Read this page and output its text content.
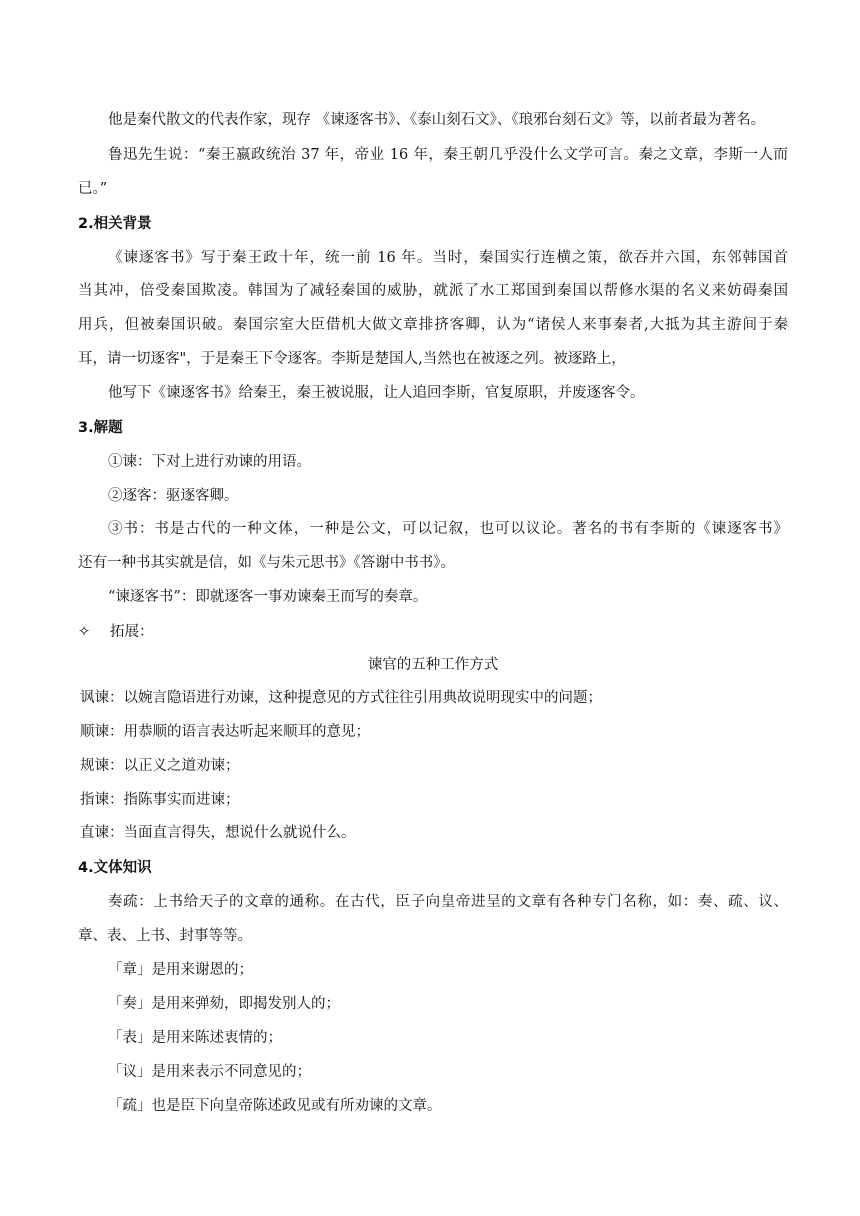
他是秦代散文的代表作家，现存 《谏逐客书》、《泰山刻石文》、《琅邪台刻石文》等，以前者最为著名。
鲁迅先生说：“秦王嬴政统治 37 年，帝业 16 年，秦王朝几乎没什么文学可言。秦之文章，李斯一人而
已。”
2.相关背景
《谏逐客书》写于秦王政十年，统一前 16 年。当时，秦国实行连横之策，欲吞并六国，东邻韩国首
当其冲，倍受秦国欺凌。韩国为了减轻秦国的威胁，就派了水工郑国到秦国以帮修水渠的名义来妨碍秦国
用兵，但被秦国识破。秦国宗室大臣借机大做文章排挤客卿，认为“诸侯人来事秦者,大抵为其主游间于秦
耳，请一切逐客"，于是秦王下令逐客。李斯是楚国人,当然也在被逐之列。被逐路上，
他写下《谏逐客书》给秦王，秦王被说服，让人追回李斯，官复原职，并废逐客令。
3.解题
①谏：下对上进行劝谏的用语。
②逐客：驱逐客卿。
③书：书是古代的一种文体，一种是公文，可以记叙，也可以议论。著名的书有李斯的《谏逐客书》
还有一种书其实就是信，如《与朱元思书》《答谢中书书》。
“谏逐客书”：即就逐客一事劝谏秦王而写的奏章。
✧ 拓展：
谏官的五种工作方式
讽谏：以婉言隐语进行劝谏，这种提意见的方式往往引用典故说明现实中的问题；
顺谏：用恭顺的语言表达听起来顺耳的意见；
规谏：以正义之道劝谏；
指谏：指陈事实而进谏；
直谏：当面直言得失，想说什么就说什么。
4.文体知识
奏疏：上书给天子的文章的通称。在古代，臣子向皇帝进呈的文章有各种专门名称，如：奏、疏、议、
章、表、上书、封事等等。
「章」是用来谢恩的；
「奏」是用来弹劾，即揭发别人的；
「表」是用来陈述衷情的；
「议」是用来表示不同意见的；
「疏」也是臣下向皇帝陈述政见或有所劝谏的文章。
